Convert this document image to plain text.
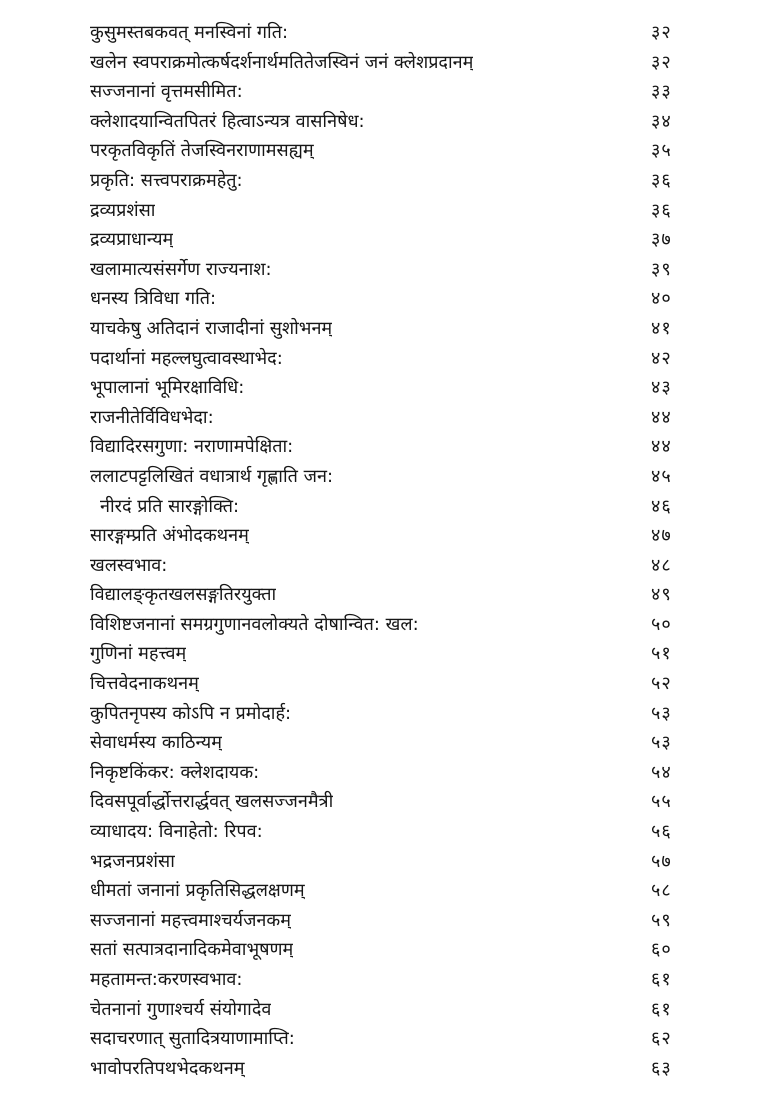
कुसुमस्तबकवत् मनस्विनां गति:	३२
खलेन स्वपराक्रमोत्कर्षदर्शनार्थमतितेजस्विनं जनं क्लेशप्रदानम्	३२
सज्जनानां वृत्तमसीमित:	३३
क्लेशादयान्वितपितरं हित्वाऽन्यत्र वासनिषेध:	३४
परकृतविकृतिं तेजस्विनराणामसह्यम्	३५
प्रकृति: सत्त्वपराक्रमहेतु:	३६
द्रव्यप्रशंसा	३६
द्रव्यप्राधान्यम्	३७
खलामात्यसंसर्गेण राज्यनाश:	३९
धनस्य त्रिविधा गति:	४०
याचकेषु अतिदानं राजादीनां सुशोभनम्	४१
पदार्थानां महल्लघुत्वावस्थाभेद:	४२
भूपालानां भूमिरक्षाविधि:	४३
राजनीतेर्विविधभेदा:	४४
विद्यादिरसगुणा: नराणामपेक्षिता:	४४
ललाटपट्टलिखितं वधात्रार्थ गृह्णाति जन:	४५
नीरदं प्रति सारङ्गोक्ति:	४६
सारङ्गम्प्रति अंभोदकथनम्	४७
खलस्वभाव:	४८
विद्यालङ्कृतखलसङ्गतिरयुक्ता	४९
विशिष्टजनानां समग्रगुणानवलोक्यते दोषान्वित: खल:	५०
गुणिनां महत्त्वम्	५१
चित्तवेदनाकथनम्	५२
कुपितनृपस्य कोऽपि न प्रमोदार्ह:	५३
सेवाधर्मस्य काठिन्यम्	५३
निकृष्टकिंकर: क्लेशदायक:	५४
दिवसपूर्वार्द्धोत्तरार्द्धवत् खलसज्जनमैत्री	५५
व्याधादय: विनाहेतो: रिपव:	५६
भद्रजनप्रशंसा	५७
धीमतां जनानां प्रकृतिसिद्धलक्षणम्	५८
सज्जनानां महत्त्वमाश्चर्यजनकम्	५९
सतां सत्पात्रदानादिकमेवाभूषणम्	६०
महतामन्त:करणस्वभाव:	६१
चेतनानां गुणाश्चर्य संयोगादेव	६१
सदाचरणात् सुतादित्रयाणामाप्ति:	६२
भावोपरतिपथभेदकथनम्	६३
